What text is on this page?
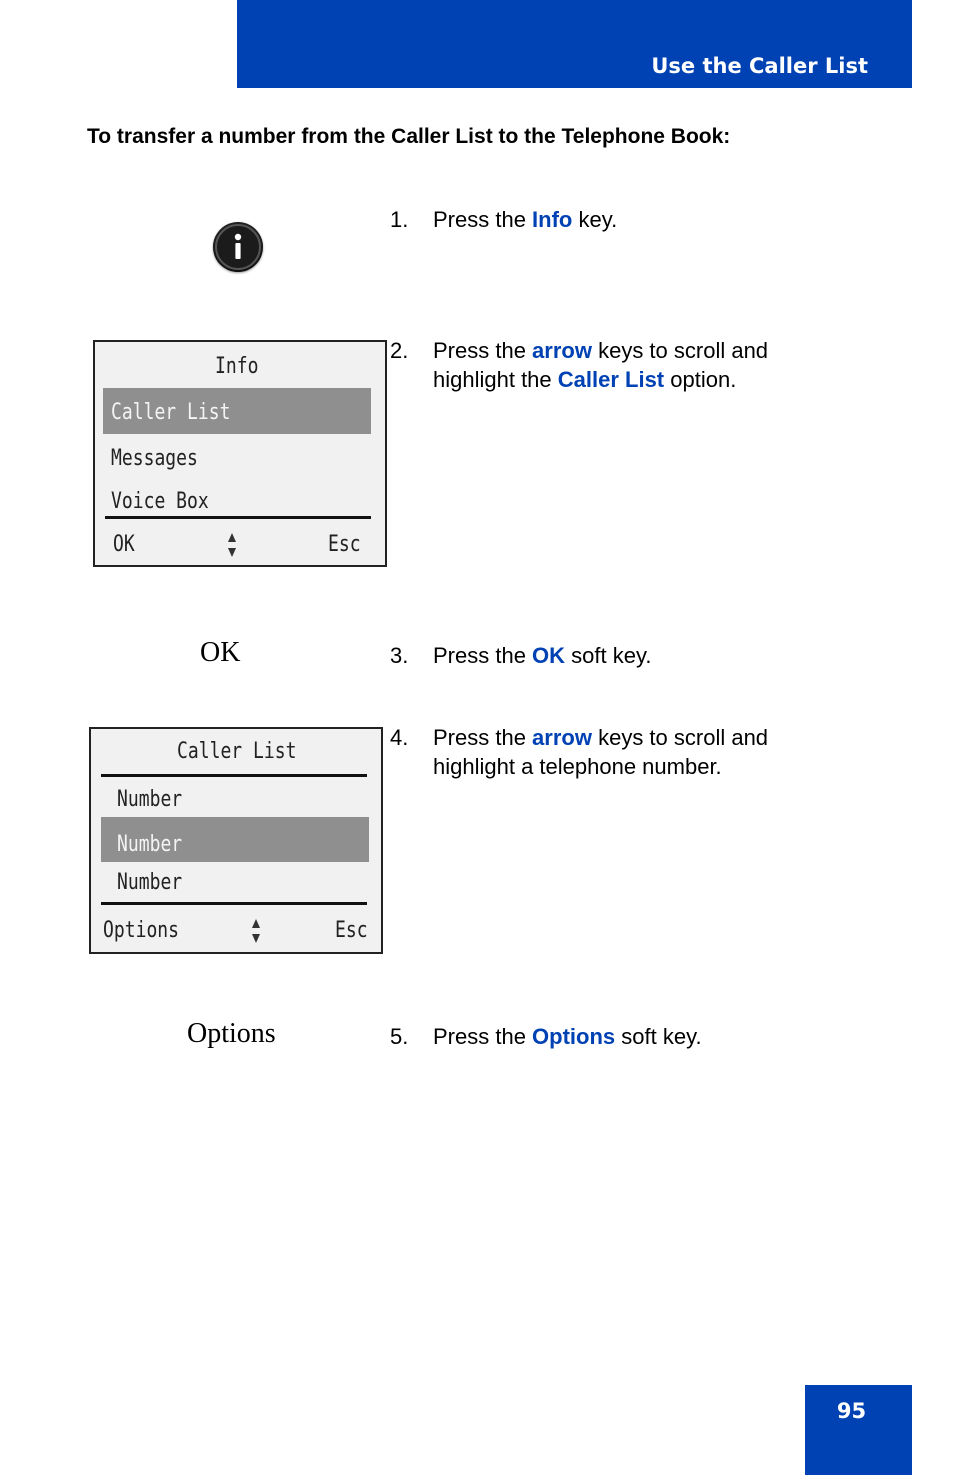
Use the Caller List
To transfer a number from the Caller List to the Telephone Book:
1. Press the Info key.
Info
Caller List
Messages
Voice Box
OK	Esc
2. Press the arrow keys to scroll and highlight the Caller List option.
OK	3. Press the OK soft key.
Caller List
Number
Number
Number
Options	Esc
4. Press the arrow keys to scroll and highlight a telephone number.
Options	5. Press the Options soft key.
95
